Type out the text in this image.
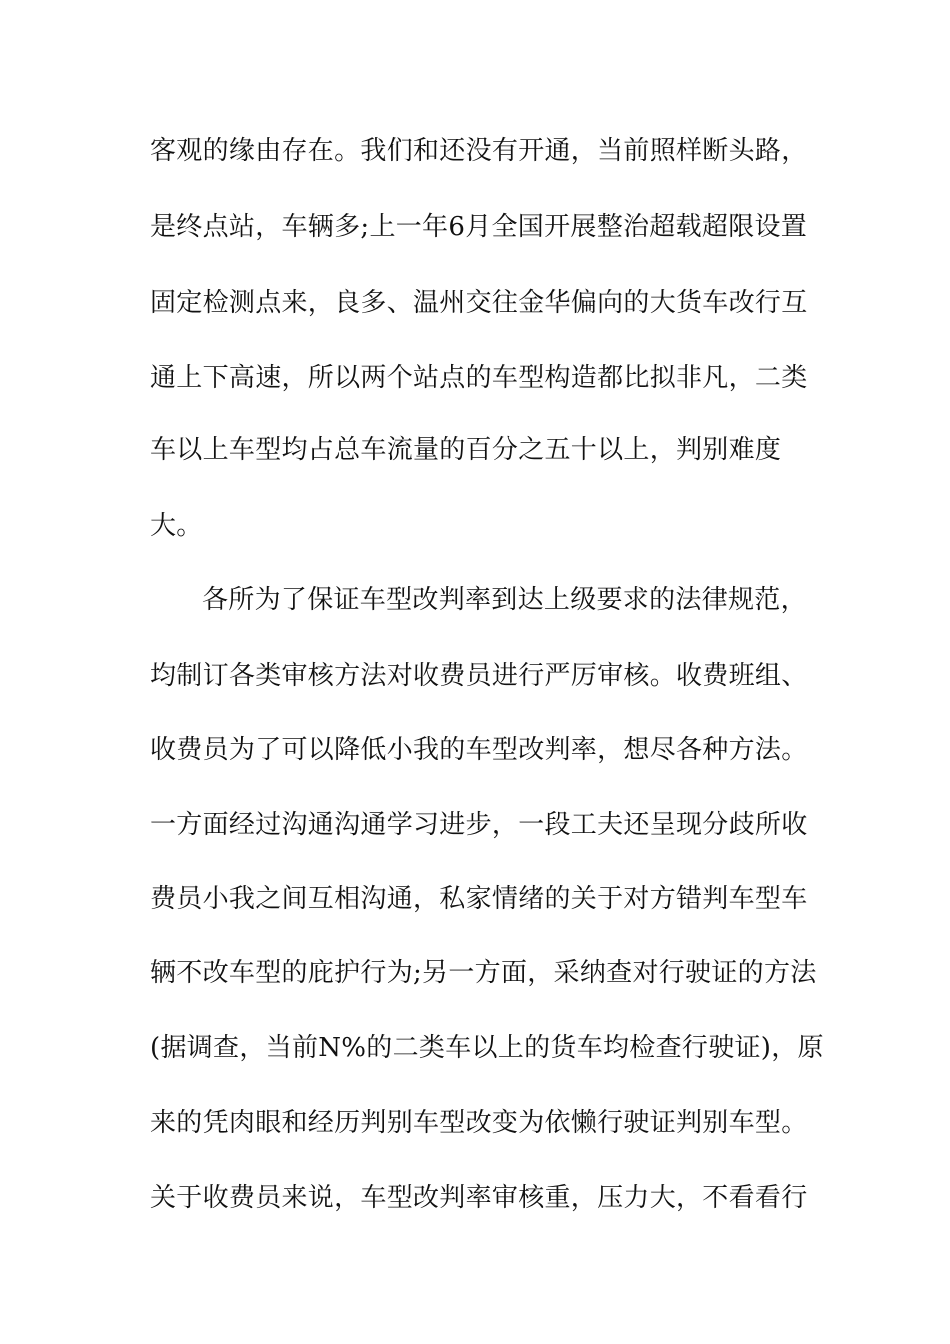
客观的缘由存在。我们和还没有开通，当前照样断头路，
是终点站，车辆多;上一年6月全国开展整治超载超限设置
固定检测点来，良多、温州交往金华偏向的大货车改行互
通上下高速，所以两个站点的车型构造都比拟非凡，二类
车以上车型均占总车流量的百分之五十以上，判别难度
大。
各所为了保证车型改判率到达上级要求的法律规范，
均制订各类审核方法对收费员进行严厉审核。收费班组、
收费员为了可以降低小我的车型改判率，想尽各种方法。
一方面经过沟通沟通学习进步，一段工夫还呈现分歧所收
费员小我之间互相沟通，私家情绪的关于对方错判车型车
辆不改车型的庇护行为;另一方面，采纳查对行驶证的方法
(据调查，当前N%的二类车以上的货车均检查行驶证)，原
来的凭肉眼和经历判别车型改变为依懒行驶证判别车型。
关于收费员来说，车型改判率审核重，压力大，不看看行
